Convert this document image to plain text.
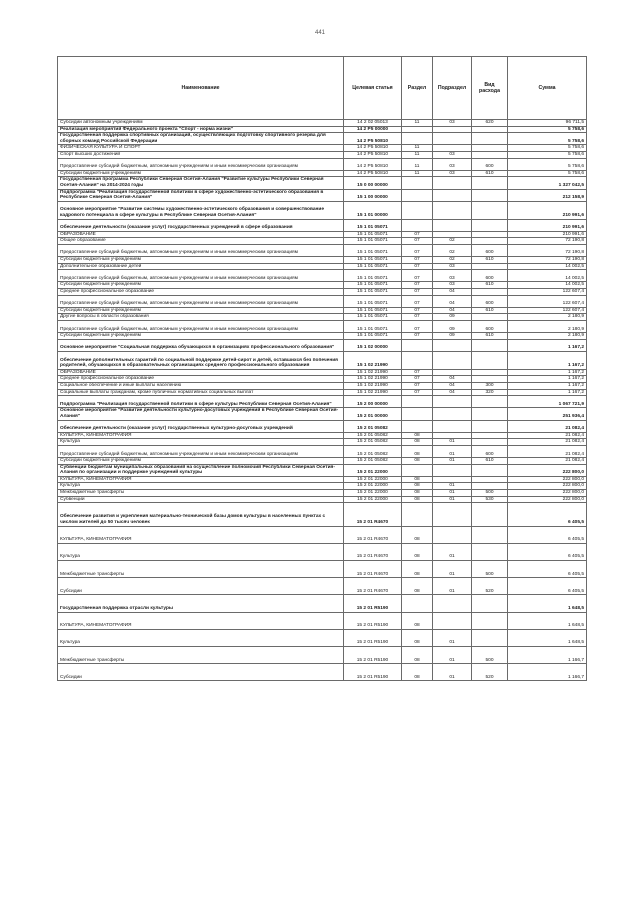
441
Наименование	Целевая статья	Раздел	Подраздел	Вид расхода	Сумма
Субсидии автономным учреждениям	14 2 02 05013	11	03	620	96 711,5
Реализация мероприятий Федерального проекта "Спорт - норма жизни"	14 2 P5 00000				5 758,6
Государственная поддержка спортивных организаций, осуществляющих подготовку спортивного резерва для сборных команд Российской Федерации	14 2 P5 50810				5 758,6
ФИЗИЧЕСКАЯ КУЛЬТУРА И СПОРТ	14 2 P5 50810	11			5 758,6
Спорт высших достижений	14 2 P5 50810	11	03		5 758,6
Предоставление субсидий бюджетным, автономным учреждениям и иным некоммерческим организациям	14 2 P5 50810	11	03	600	5 758,6
Субсидии бюджетным учреждениям	14 2 P5 50810	11	03	610	5 758,6
Государственная программа Республики Северная Осетия-Алания "Развитие культуры Республики Северная Осетия-Алания" на 2014-2024 годы	15 0 00 00000				1 327 042,5
Подпрограмма "Реализация государственной политики в сфере художественно-эстетического образования в Республике Северная Осетия-Алания"	15 1 00 00000				212 158,9
Основное мероприятие "Развитие системы художественно-эстетического образования и совершенствование кадрового потенциала в сфере культуры в Республике Северная Осетия-Алания"	15 1 01 00000				210 991,6
Обеспечение деятельности (оказание услуг) государственных учреждений в сфере образования	15 1 01 05071				210 991,6
ОБРАЗОВАНИЕ	15 1 01 05071	07			210 991,6
Общее образование	15 1 01 05071	07	02		72 190,8
Предоставление субсидий бюджетным, автономным учреждениям и иным некоммерческим организациям	15 1 01 05071	07	02	600	72 190,8
Субсидии бюджетным учреждениям	15 1 01 05071	07	02	610	72 190,8
Дополнительное образование детей	15 1 01 05071	07	03		14 002,5
Предоставление субсидий бюджетным, автономным учреждениям и иным некоммерческим организациям	15 1 01 05071	07	03	600	14 002,5
Субсидии бюджетным учреждениям	15 1 01 05071	07	03	610	14 002,5
Среднее профессиональное образование	15 1 01 05071	07	04		122 607,4
Предоставление субсидий бюджетным, автономным учреждениям и иным некоммерческим организациям	15 1 01 05071	07	04	600	122 607,4
Субсидии бюджетным учреждениям	15 1 01 05071	07	04	610	122 607,4
Другие вопросы в области образования	15 1 01 05071	07	09		2 180,9
Предоставление субсидий бюджетным, автономным учреждениям и иным некоммерческим организациям	15 1 01 05071	07	09	600	2 180,9
Субсидии бюджетным учреждениям	15 1 01 05071	07	09	610	2 180,9
Основное мероприятие "Социальная поддержка обучающихся в организациях профессионального образования"	15 1 02 00000				1 167,2
Обеспечение дополнительных гарантий по социальной поддержке детей-сирот и детей, оставшихся без попечения родителей, обучающихся в образовательных организациях среднего профессионального образования	15 1 02 21990				1 167,2
ОБРАЗОВАНИЕ	15 1 02 21990	07			1 167,2
Среднее профессиональное образование	15 1 02 21990	07	04		1 167,2
Социальное обеспечение и иные выплаты населению	15 1 02 21990	07	04	300	1 167,2
Социальные выплаты гражданам, кроме публичных нормативных социальных выплат	15 1 02 21990	07	04	320	1 167,2
Подпрограмма "Реализация государственной политики в сфере культуры Республики Северная Осетия-Алания"	15 2 00 00000				1 067 721,9
Основное мероприятие "Развитие деятельности культурно-досуговых учреждений в Республике Северная Осетия-Алания"	15 2 01 00000				251 936,4
Обеспечение деятельности (оказание услуг) государственных культурно-досуговых учреждений	15 2 01 05082				21 082,4
КУЛЬТУРА, КИНЕМАТОГРАФИЯ	15 2 01 05082	08			21 082,4
Культура	15 2 01 05082	08	01		21 082,4
Предоставление субсидий бюджетным, автономным учреждениям и иным некоммерческим организациям	15 2 01 05082	08	01	600	21 082,4
Субсидии бюджетным учреждениям	15 2 01 05082	08	01	610	21 082,4
Субвенции бюджетам муниципальных образований на осуществление полномочий Республики Северная Осетия-Алания по организации и поддержке учреждений культуры	15 2 01 22000				222 800,0
КУЛЬТУРА, КИНЕМАТОГРАФИЯ	15 2 01 22000	08			222 800,0
Культура	15 2 01 22000	08	01		222 800,0
Межбюджетные трансферты	15 2 01 22000	08	01	500	222 800,0
Субвенции	15 2 01 22000	08	01	530	222 800,0
Обеспечение развития и укрепления материально-технической базы домов культуры в населенных пунктах с числом жителей до 50 тысяч человек	15 2 01 R4670				6 405,5
КУЛЬТУРА, КИНЕМАТОГРАФИЯ	15 2 01 R4670	08			6 405,5
Культура	15 2 01 R4670	08	01		6 405,5
Межбюджетные трансферты	15 2 01 R4670	08	01	500	6 405,5
Субсидии	15 2 01 R4670	08	01	520	6 405,5
Государственная поддержка отрасли культуры	15 2 01 R5190				1 648,5
КУЛЬТУРА, КИНЕМАТОГРАФИЯ	15 2 01 R5190	08			1 648,5
Культура	15 2 01 R5190	08	01		1 648,5
Межбюджетные трансферты	15 2 01 R5190	08	01	500	1 166,7
Субсидии	15 2 01 R5190	08	01	520	1 166,7
